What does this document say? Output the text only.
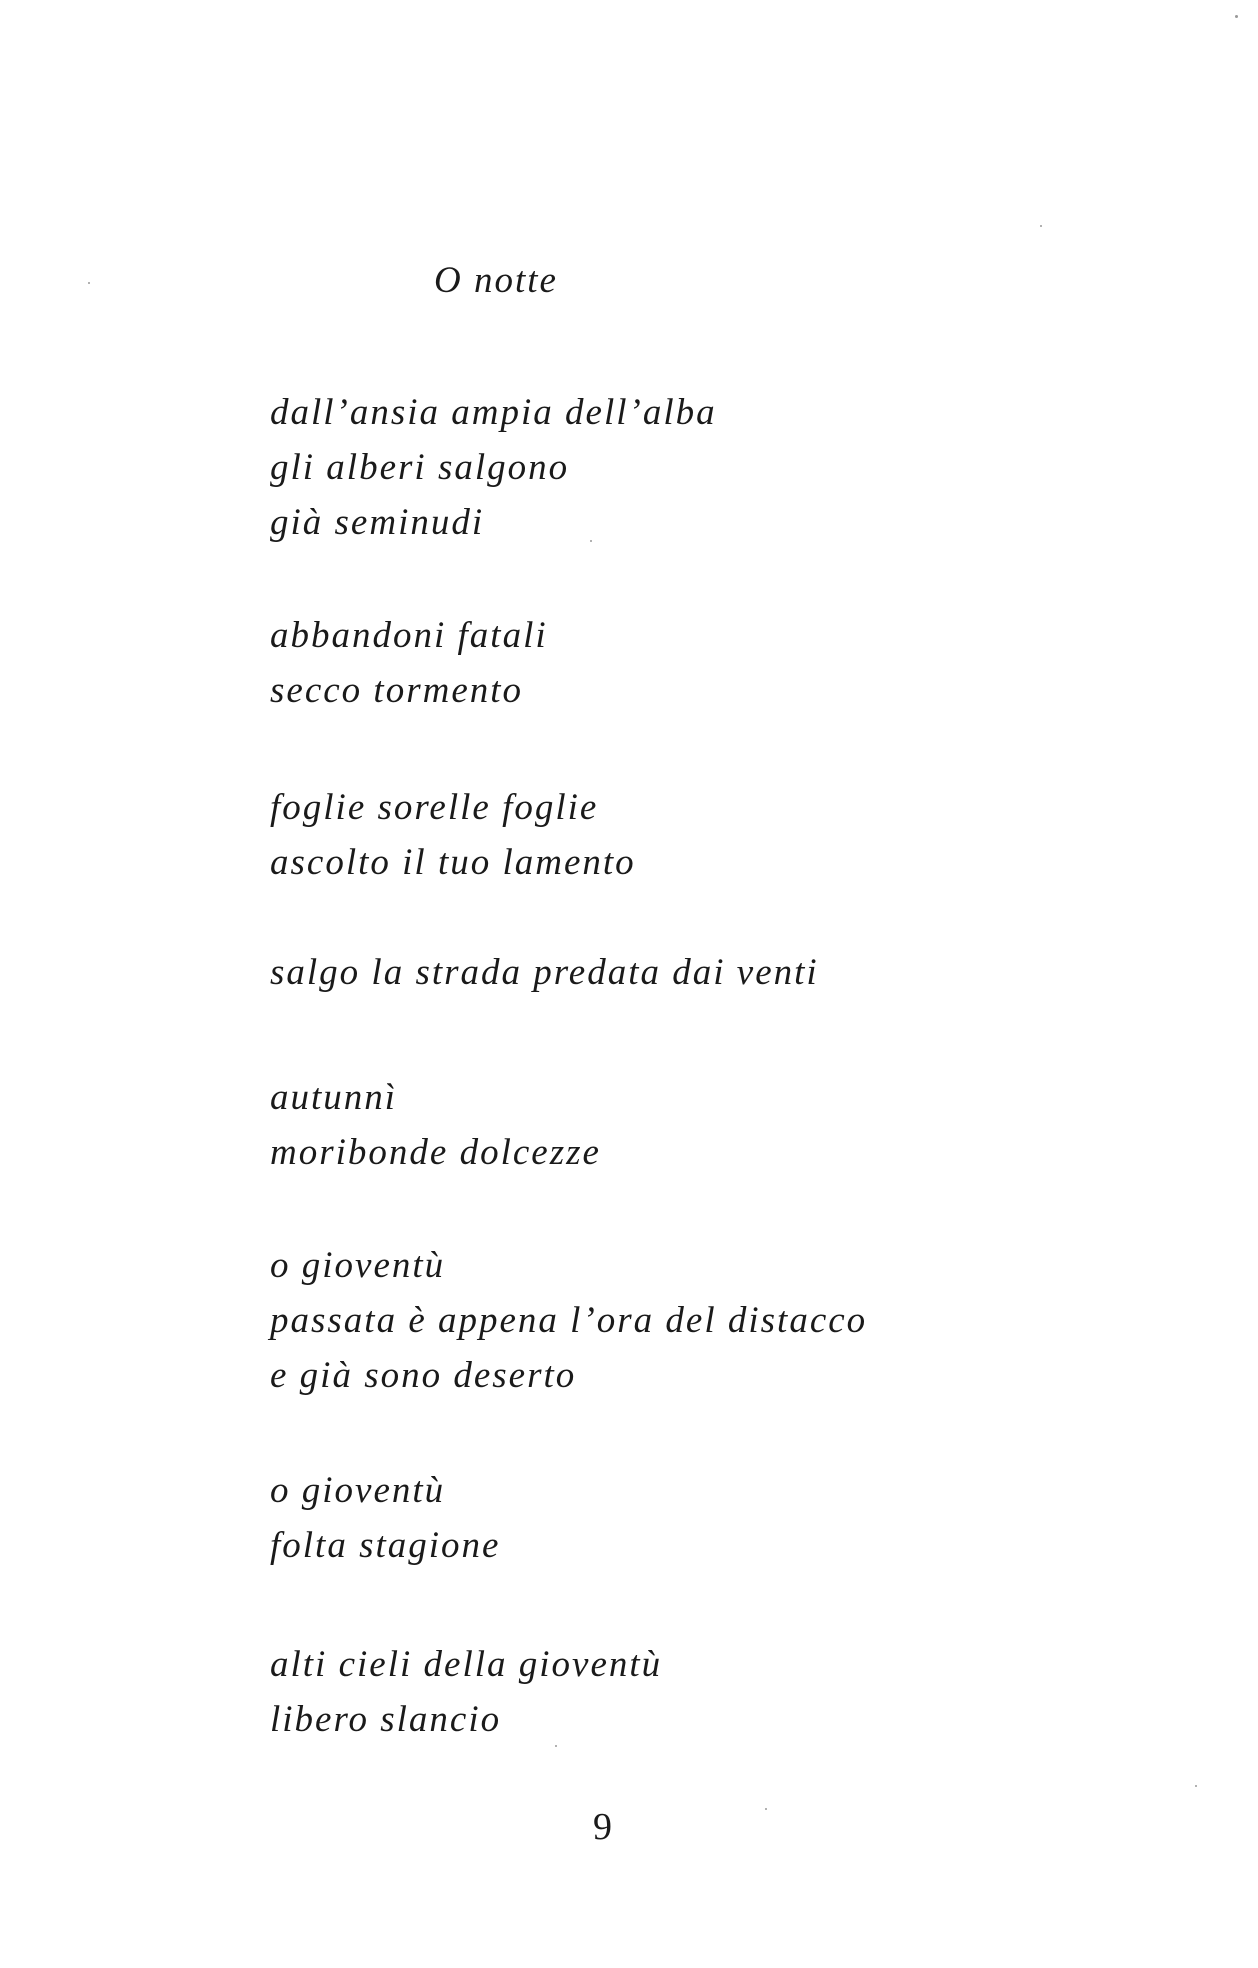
O notte
dall’ansia ampia dell’alba
gli alberi salgono
già seminudi
abbandoni fatali
secco tormento
foglie sorelle foglie
ascolto il tuo lamento
salgo la strada predata dai venti
autunnì
moribonde dolcezze
o gioventù
passata è appena l’ora del distacco
e già sono deserto
o gioventù
folta stagione
alti cieli della gioventù
libero slancio
9
